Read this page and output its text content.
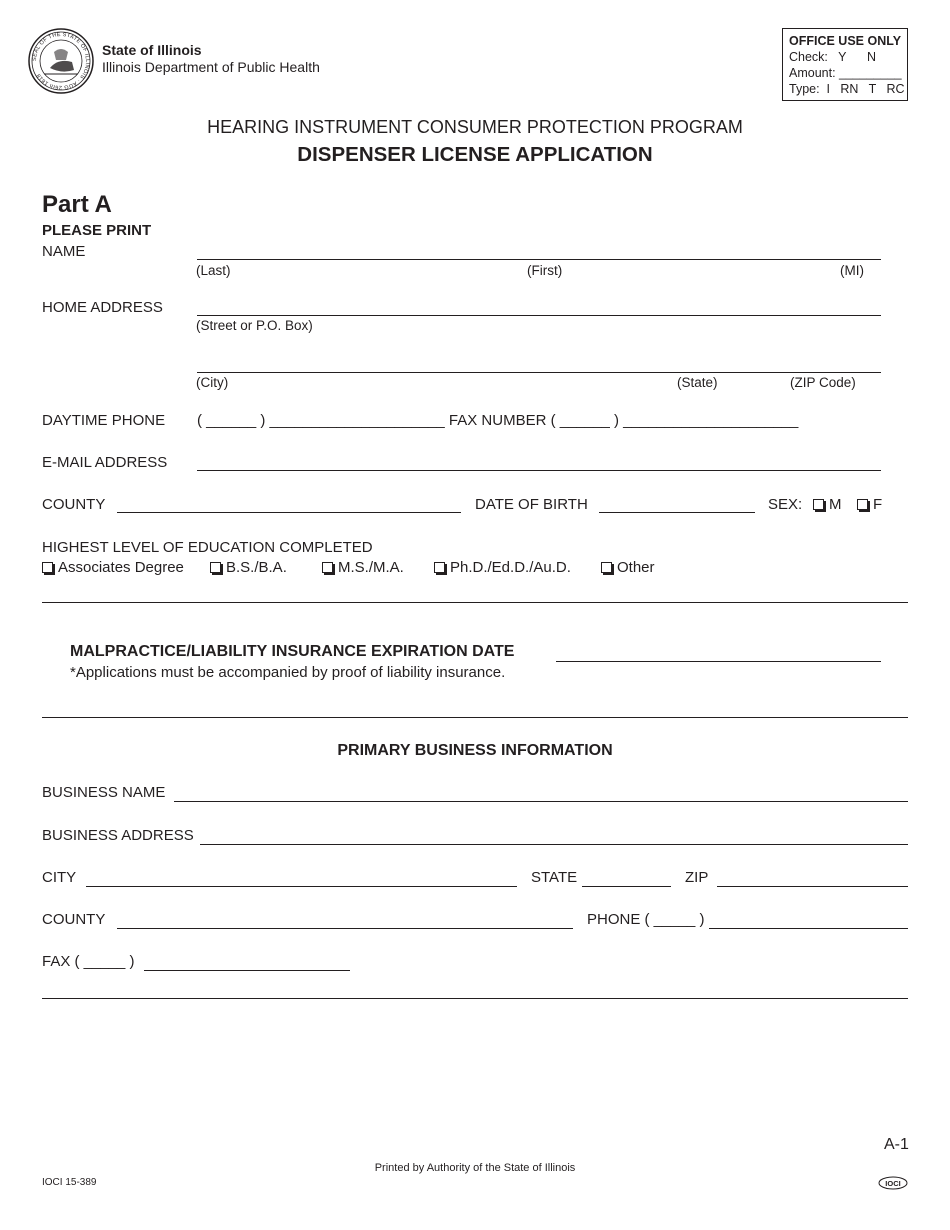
SEAL OF THE STATE OF ILLINOIS · AUG 26th 1818
State of Illinois
Illinois Department of Public Health
OFFICE USE ONLY
Check:   Y      N
Amount: _________
Type:  I   RN   T   RC
HEARING INSTRUMENT CONSUMER PROTECTION PROGRAM
DISPENSER LICENSE APPLICATION
Part A
PLEASE PRINT
NAME
(Last)	(First)	(MI)
HOME ADDRESS
(Street or P.O. Box)
(City)	(State)	(ZIP Code)
DAYTIME PHONE ( ______ ) _____________________ FAX NUMBER ( ______ ) _____________________
E-MAIL ADDRESS
COUNTY	DATE OF BIRTH	SEX:	M	F
HIGHEST LEVEL OF EDUCATION COMPLETED
Associates Degree	B.S./B.A.	M.S./M.A.	Ph.D./Ed.D./Au.D.	Other
MALPRACTICE/LIABILITY INSURANCE EXPIRATION DATE
*Applications must be accompanied by proof of liability insurance.
PRIMARY BUSINESS INFORMATION
BUSINESS NAME
BUSINESS ADDRESS
CITY	STATE	ZIP
COUNTY	PHONE ( _____ )
FAX ( _____ )
A-1
Printed by Authority of the State of Illinois
IOCI 15-389	IOCI
